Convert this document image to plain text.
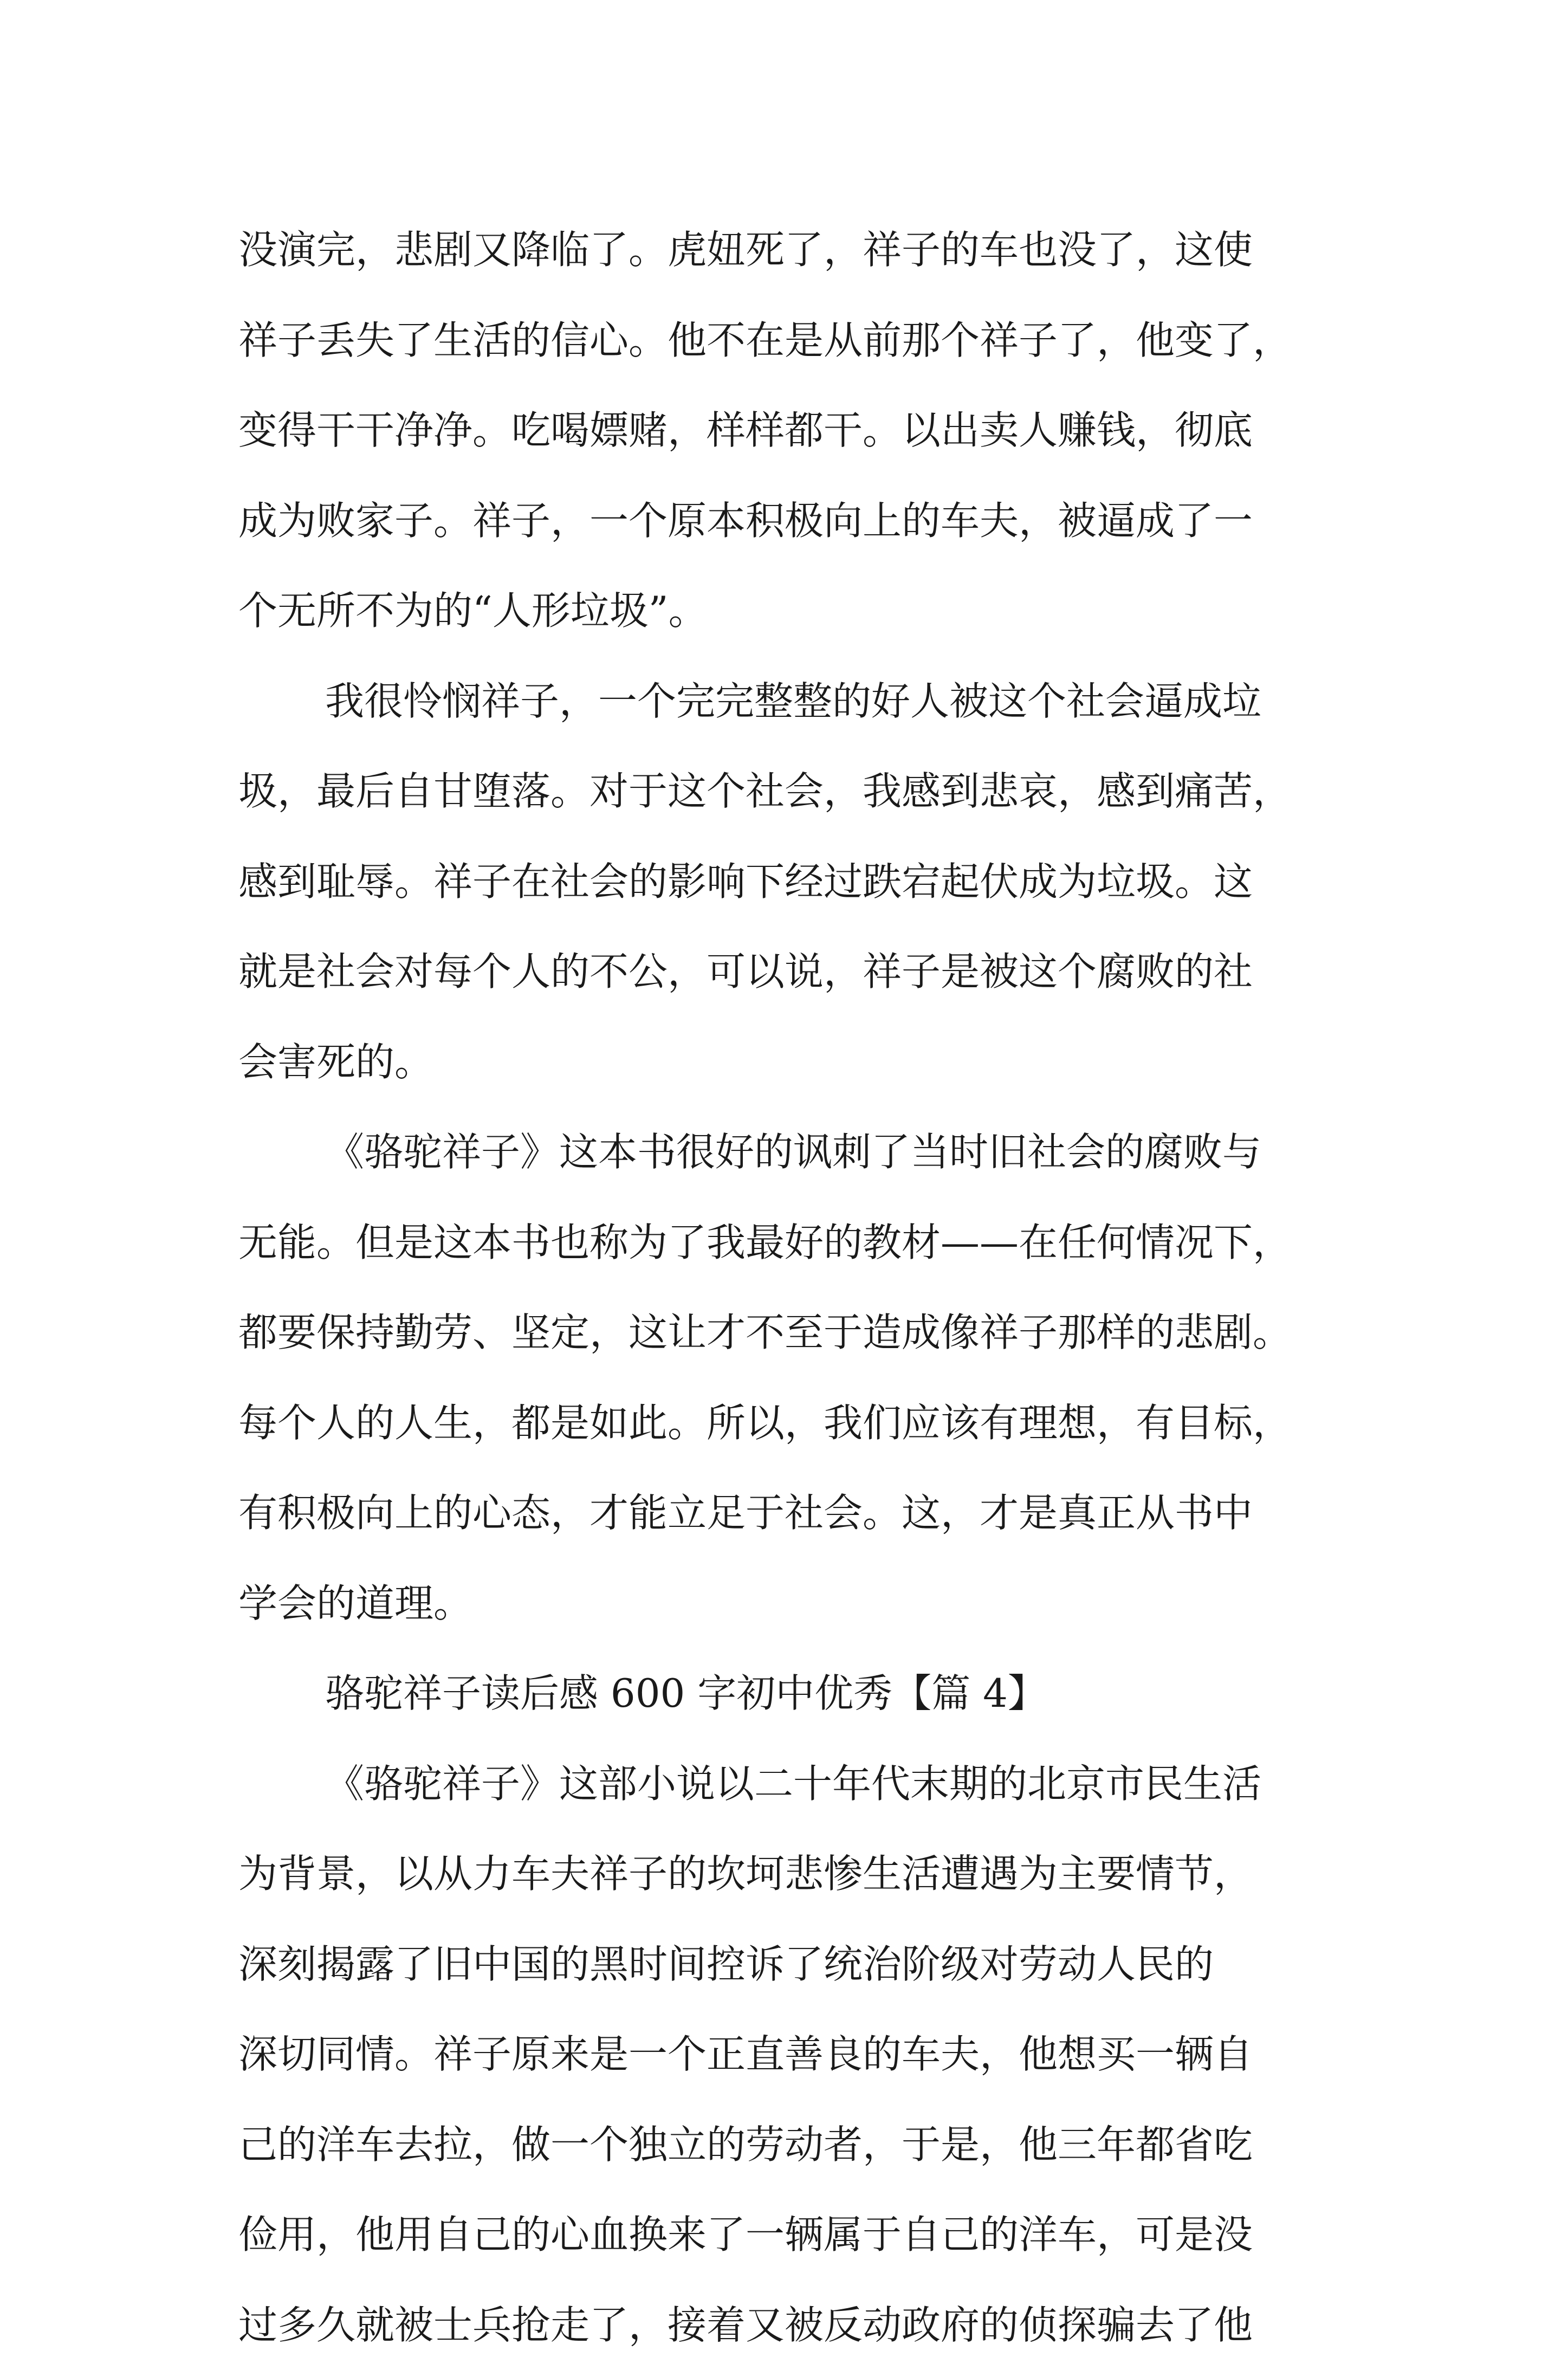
没演完，悲剧又降临了。虎妞死了，祥子的车也没了，这使
祥子丢失了生活的信心。他不在是从前那个祥子了，他变了，
变得干干净净。吃喝嫖赌，样样都干。以出卖人赚钱，彻底
成为败家子。祥子，一个原本积极向上的车夫，被逼成了一
个无所不为的“人形垃圾”。
我很怜悯祥子，一个完完整整的好人被这个社会逼成垃
圾，最后自甘堕落。对于这个社会，我感到悲哀，感到痛苦，
感到耻辱。祥子在社会的影响下经过跌宕起伏成为垃圾。这
就是社会对每个人的不公，可以说，祥子是被这个腐败的社
会害死的。
《骆驼祥子》这本书很好的讽刺了当时旧社会的腐败与
无能。但是这本书也称为了我最好的教材——在任何情况下，
都要保持勤劳、坚定，这让才不至于造成像祥子那样的悲剧。
每个人的人生，都是如此。所以，我们应该有理想，有目标，
有积极向上的心态，才能立足于社会。这，才是真正从书中
学会的道理。
骆驼祥子读后感 600 字初中优秀【篇 4】
《骆驼祥子》这部小说以二十年代末期的北京市民生活
为背景，以从力车夫祥子的坎坷悲惨生活遭遇为主要情节，
深刻揭露了旧中国的黑时间控诉了统治阶级对劳动人民的
深切同情。祥子原来是一个正直善良的车夫，他想买一辆自
己的洋车去拉，做一个独立的劳动者，于是，他三年都省吃
俭用，他用自己的心血换来了一辆属于自己的洋车，可是没
过多久就被士兵抢走了，接着又被反动政府的侦探骗去了他
